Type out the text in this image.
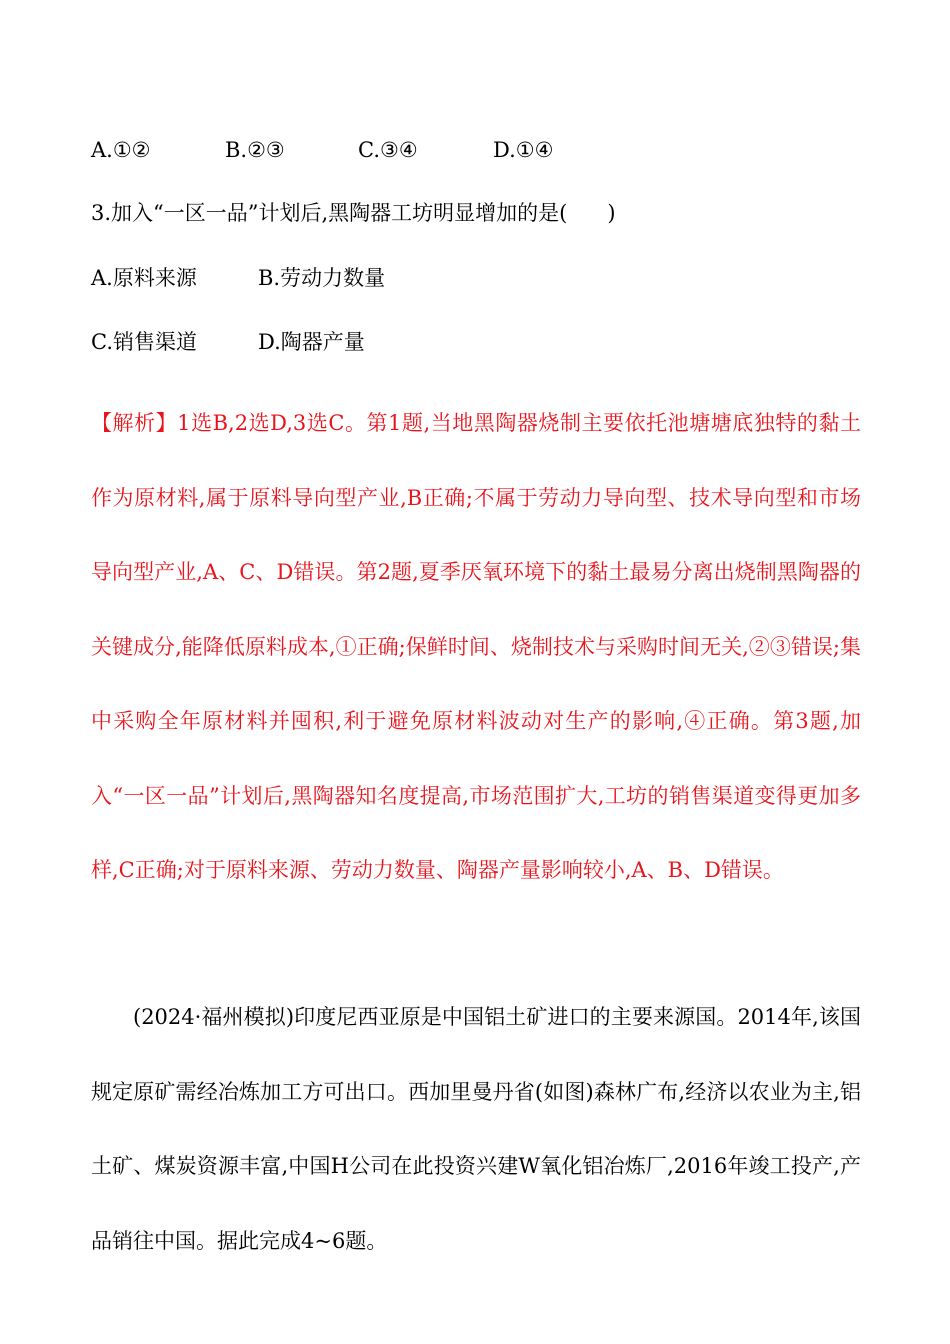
A.①②	B.②③	C.③④	D.①④
3.加入“一区一品”计划后,黑陶器工坊明显增加的是( )
A.原料来源	B.劳动力数量
C.销售渠道	D.陶器产量
【解析】1选B,2选D,3选C。第1题,当地黑陶器烧制主要依托池塘塘底独特的黏土作为原材料,属于原料导向型产业,B正确;不属于劳动力导向型、技术导向型和市场导向型产业,A、C、D错误。第2题,夏季厌氧环境下的黏土最易分离出烧制黑陶器的关键成分,能降低原料成本,①正确;保鲜时间、烧制技术与采购时间无关,②③错误;集中采购全年原材料并囤积,利于避免原材料波动对生产的影响,④正确。第3题,加入“一区一品”计划后,黑陶器知名度提高,市场范围扩大,工坊的销售渠道变得更加多样,C正确;对于原料来源、劳动力数量、陶器产量影响较小,A、B、D错误。
(2024·福州模拟)印度尼西亚原是中国铝土矿进口的主要来源国。2014年,该国规定原矿需经冶炼加工方可出口。西加里曼丹省(如图)森林广布,经济以农业为主,铝土矿、煤炭资源丰富,中国H公司在此投资兴建W氧化铝冶炼厂,2016年竣工投产,产品销往中国。据此完成4~6题。
